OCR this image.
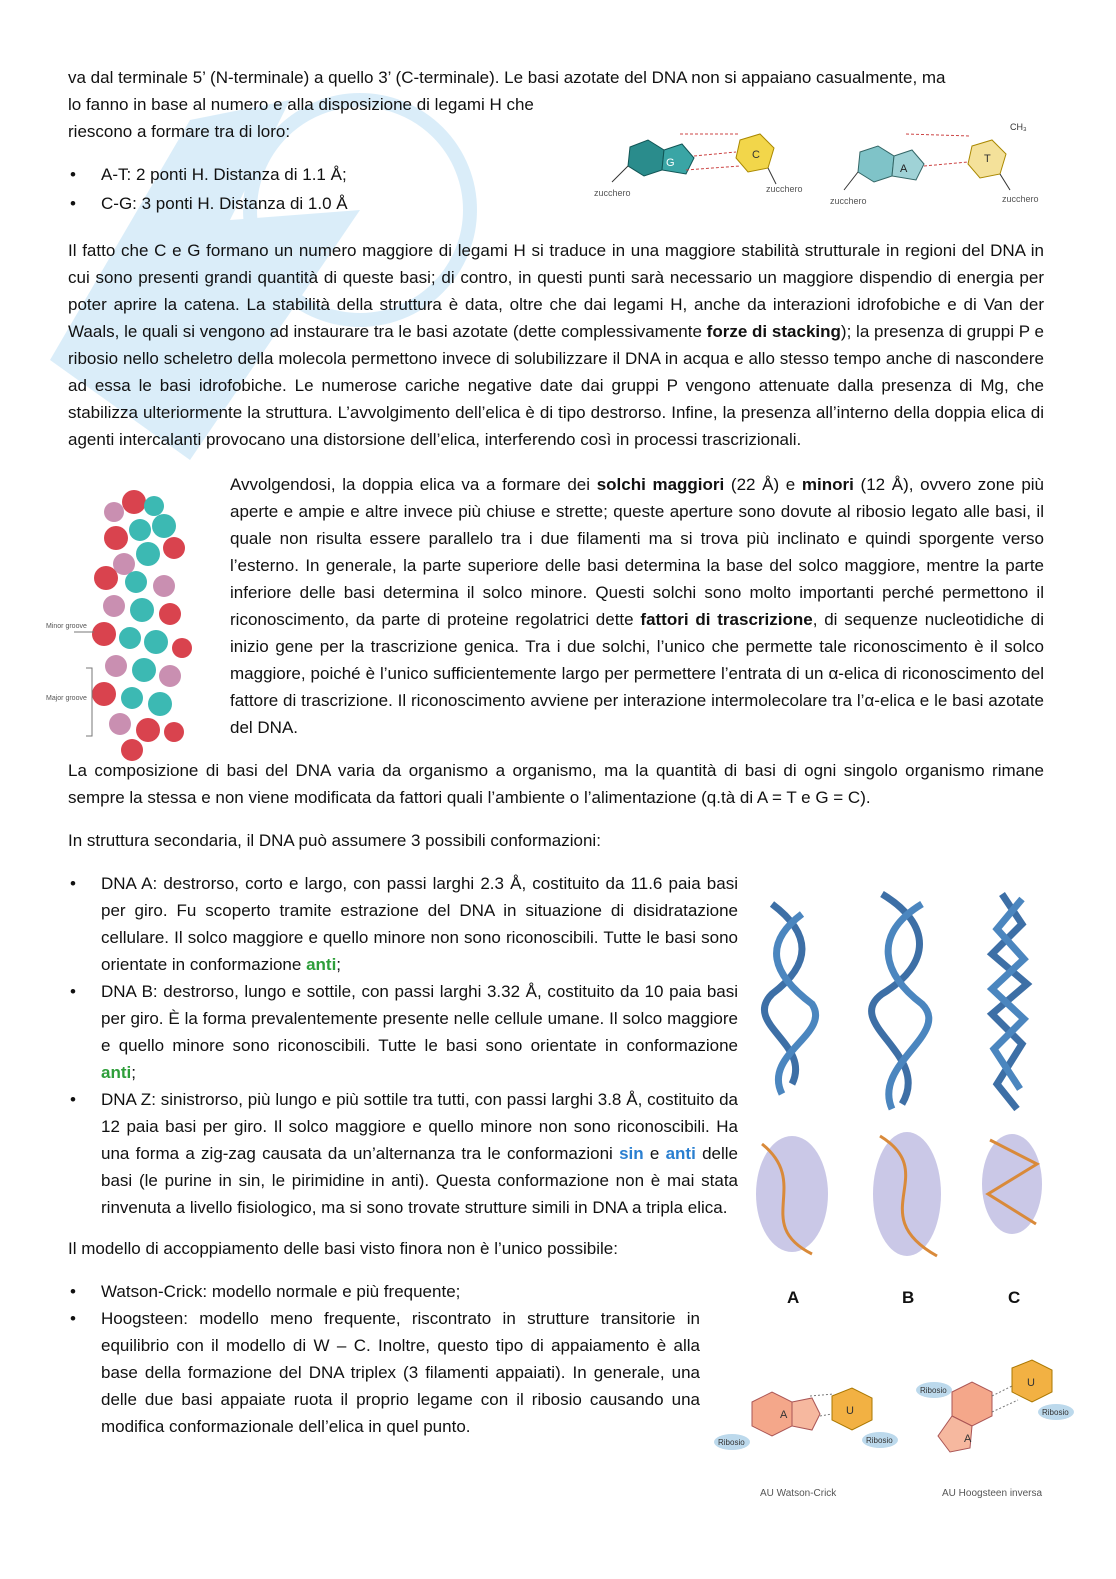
va dal terminale 5’ (N-terminale) a quello 3’ (C-terminale). Le basi azotate del DNA non si appaiano casualmente, ma
lo fanno in base al numero e alla disposizione di legami H che
riescono a formare tra di loro:
• A-T: 2 ponti H. Distanza di 1.1 Å;
• C-G: 3 ponti H. Distanza di 1.0 Å

Il fatto che C e G formano un numero maggiore di legami H si traduce in una maggiore stabilità strutturale in regioni del DNA in cui sono presenti grandi quantità di queste basi; di contro, in questi punti sarà necessario un maggiore dispendio di energia per poter aprire la catena. La stabilità della struttura è data, oltre che dai legami H, anche da interazioni idrofobiche e di Van der Waals, le quali si vengono ad instaurare tra le basi azotate (dette complessivamente forze di stacking); la presenza di gruppi P e ribosio nello scheletro della molecola permettono invece di solubilizzare il DNA in acqua e allo stesso tempo anche di nascondere ad essa le basi idrofobiche. Le numerose cariche negative date dai gruppi P vengono attenuate dalla presenza di Mg, che stabilizza ulteriormente la struttura. L’avvolgimento dell’elica è di tipo destrorso. Infine, la presenza all’interno della doppia elica di agenti intercalanti provocano una distorsione dell’elica, interferendo così in processi trascrizionali.

Avvolgendosi, la doppia elica va a formare dei solchi maggiori (22 Å) e minori (12 Å), ovvero zone più aperte e ampie e altre invece più chiuse e strette; queste aperture sono dovute al ribosio legato alle basi, il quale non risulta essere parallelo tra i due filamenti ma si trova più inclinato e quindi sporgente verso l’esterno. In generale, la parte superiore delle basi determina la base del solco maggiore, mentre la parte inferiore delle basi determina il solco minore. Questi solchi sono molto importanti perché permettono il riconoscimento, da parte di proteine regolatrici dette fattori di trascrizione, di sequenze nucleotidiche di inizio gene per la trascrizione genica. Tra i due solchi, l’unico che permette tale riconoscimento è il solco maggiore, poiché è l’unico sufficientemente largo per permettere l’entrata di un α-elica di riconoscimento del fattore di trascrizione. Il riconoscimento avviene per interazione intermolecolare tra l’α-elica e le basi azotate del DNA.

La composizione di basi del DNA varia da organismo a organismo, ma la quantità di basi di ogni singolo organismo rimane sempre la stessa e non viene modificata da fattori quali l’ambiente o l’alimentazione (q.tà di A = T e G = C).

In struttura secondaria, il DNA può assumere 3 possibili conformazioni:

• DNA A: destrorso, corto e largo, con passi larghi 2.3 Å, costituito da 11.6 paia basi per giro. Fu scoperto tramite estrazione del DNA in situazione di disidratazione cellulare. Il solco maggiore e quello minore non sono riconoscibili. Tutte le basi sono orientate in conformazione anti;
• DNA B: destrorso, lungo e sottile, con passi larghi 3.32 Å, costituito da 10 paia basi per giro. È la forma prevalentemente presente nelle cellule umane. Il solco maggiore e quello minore sono riconoscibili. Tutte le basi sono orientate in conformazione anti;
• DNA Z: sinistrorso, più lungo e più sottile tra tutti, con passi larghi 3.8 Å, costituito da 12 paia basi per giro. Il solco maggiore e quello minore non sono riconoscibili. Ha una forma a zig-zag causata da un’alternanza tra le conformazioni sin e anti delle basi (le purine in sin, le pirimidine in anti). Questa conformazione non è mai stata rinvenuta a livello fisiologico, ma si sono trovate strutture simili in DNA a tripla elica.

Il modello di accoppiamento delle basi visto finora non è l’unico possibile:

• Watson-Crick: modello normale e più frequente;
• Hoogsteen: modello meno frequente, riscontrato in strutture transitorie in equilibrio con il modello di W – C. Inoltre, questo tipo di appaiamento è alla base della formazione del DNA triplex (3 filamenti appaiati). In generale, una delle due basi appaiate ruota il proprio legame con il ribosio causando una modifica conformazionale dell’elica in quel punto.
G
C
zucchero	zucchero
A
T
CH₃
zucchero	zucchero
Minor groove
Major groove
A	B	C
A	U
Ribosio	Ribosio
AU Watson-Crick
A
U
Ribosio
Ribosio
AU Hoogsteen inversa
